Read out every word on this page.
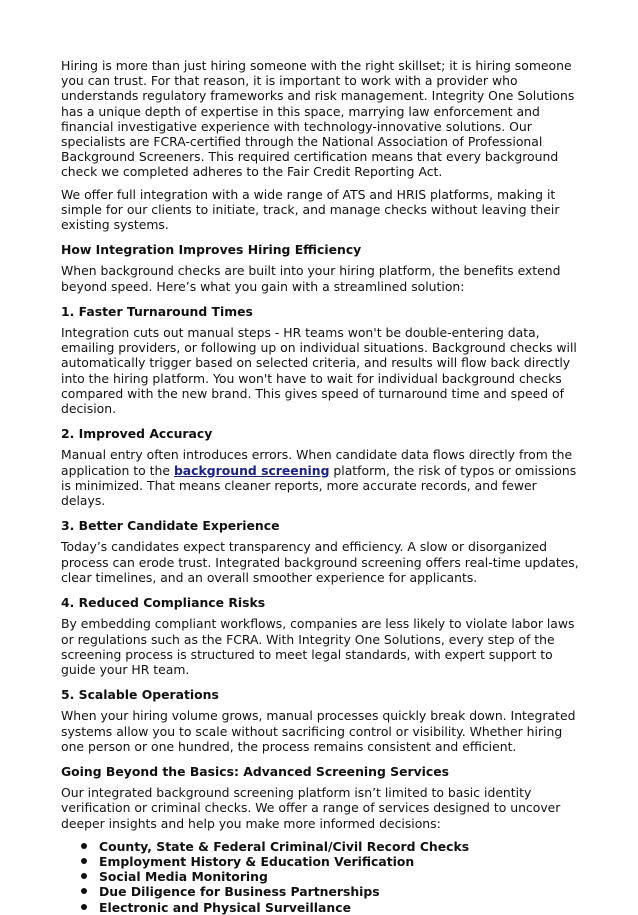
Hiring is more than just hiring someone with the right skillset; it is hiring someone you can trust. For that reason, it is important to work with a provider who understands regulatory frameworks and risk management. Integrity One Solutions has a unique depth of expertise in this space, marrying law enforcement and financial investigative experience with technology-innovative solutions. Our specialists are FCRA-certified through the National Association of Professional Background Screeners. This required certification means that every background check we completed adheres to the Fair Credit Reporting Act.

We offer full integration with a wide range of ATS and HRIS platforms, making it simple for our clients to initiate, track, and manage checks without leaving their existing systems.

How Integration Improves Hiring Efficiency

When background checks are built into your hiring platform, the benefits extend beyond speed. Here’s what you gain with a streamlined solution:

1. Faster Turnaround Times

Integration cuts out manual steps - HR teams won't be double-entering data, emailing providers, or following up on individual situations. Background checks will automatically trigger based on selected criteria, and results will flow back directly into the hiring platform. You won't have to wait for individual background checks compared with the new brand. This gives speed of turnaround time and speed of decision.

2. Improved Accuracy

Manual entry often introduces errors. When candidate data flows directly from the application to the background screening platform, the risk of typos or omissions is minimized. That means cleaner reports, more accurate records, and fewer delays.

3. Better Candidate Experience

Today’s candidates expect transparency and efficiency. A slow or disorganized process can erode trust. Integrated background screening offers real-time updates, clear timelines, and an overall smoother experience for applicants.

4. Reduced Compliance Risks

By embedding compliant workflows, companies are less likely to violate labor laws or regulations such as the FCRA. With Integrity One Solutions, every step of the screening process is structured to meet legal standards, with expert support to guide your HR team.

5. Scalable Operations

When your hiring volume grows, manual processes quickly break down. Integrated systems allow you to scale without sacrificing control or visibility. Whether hiring one person or one hundred, the process remains consistent and efficient.

Going Beyond the Basics: Advanced Screening Services

Our integrated background screening platform isn’t limited to basic identity verification or criminal checks. We offer a range of services designed to uncover deeper insights and help you make more informed decisions:

County, State & Federal Criminal/Civil Record Checks
Employment History & Education Verification
Social Media Monitoring
Due Diligence for Business Partnerships
Electronic and Physical Surveillance
